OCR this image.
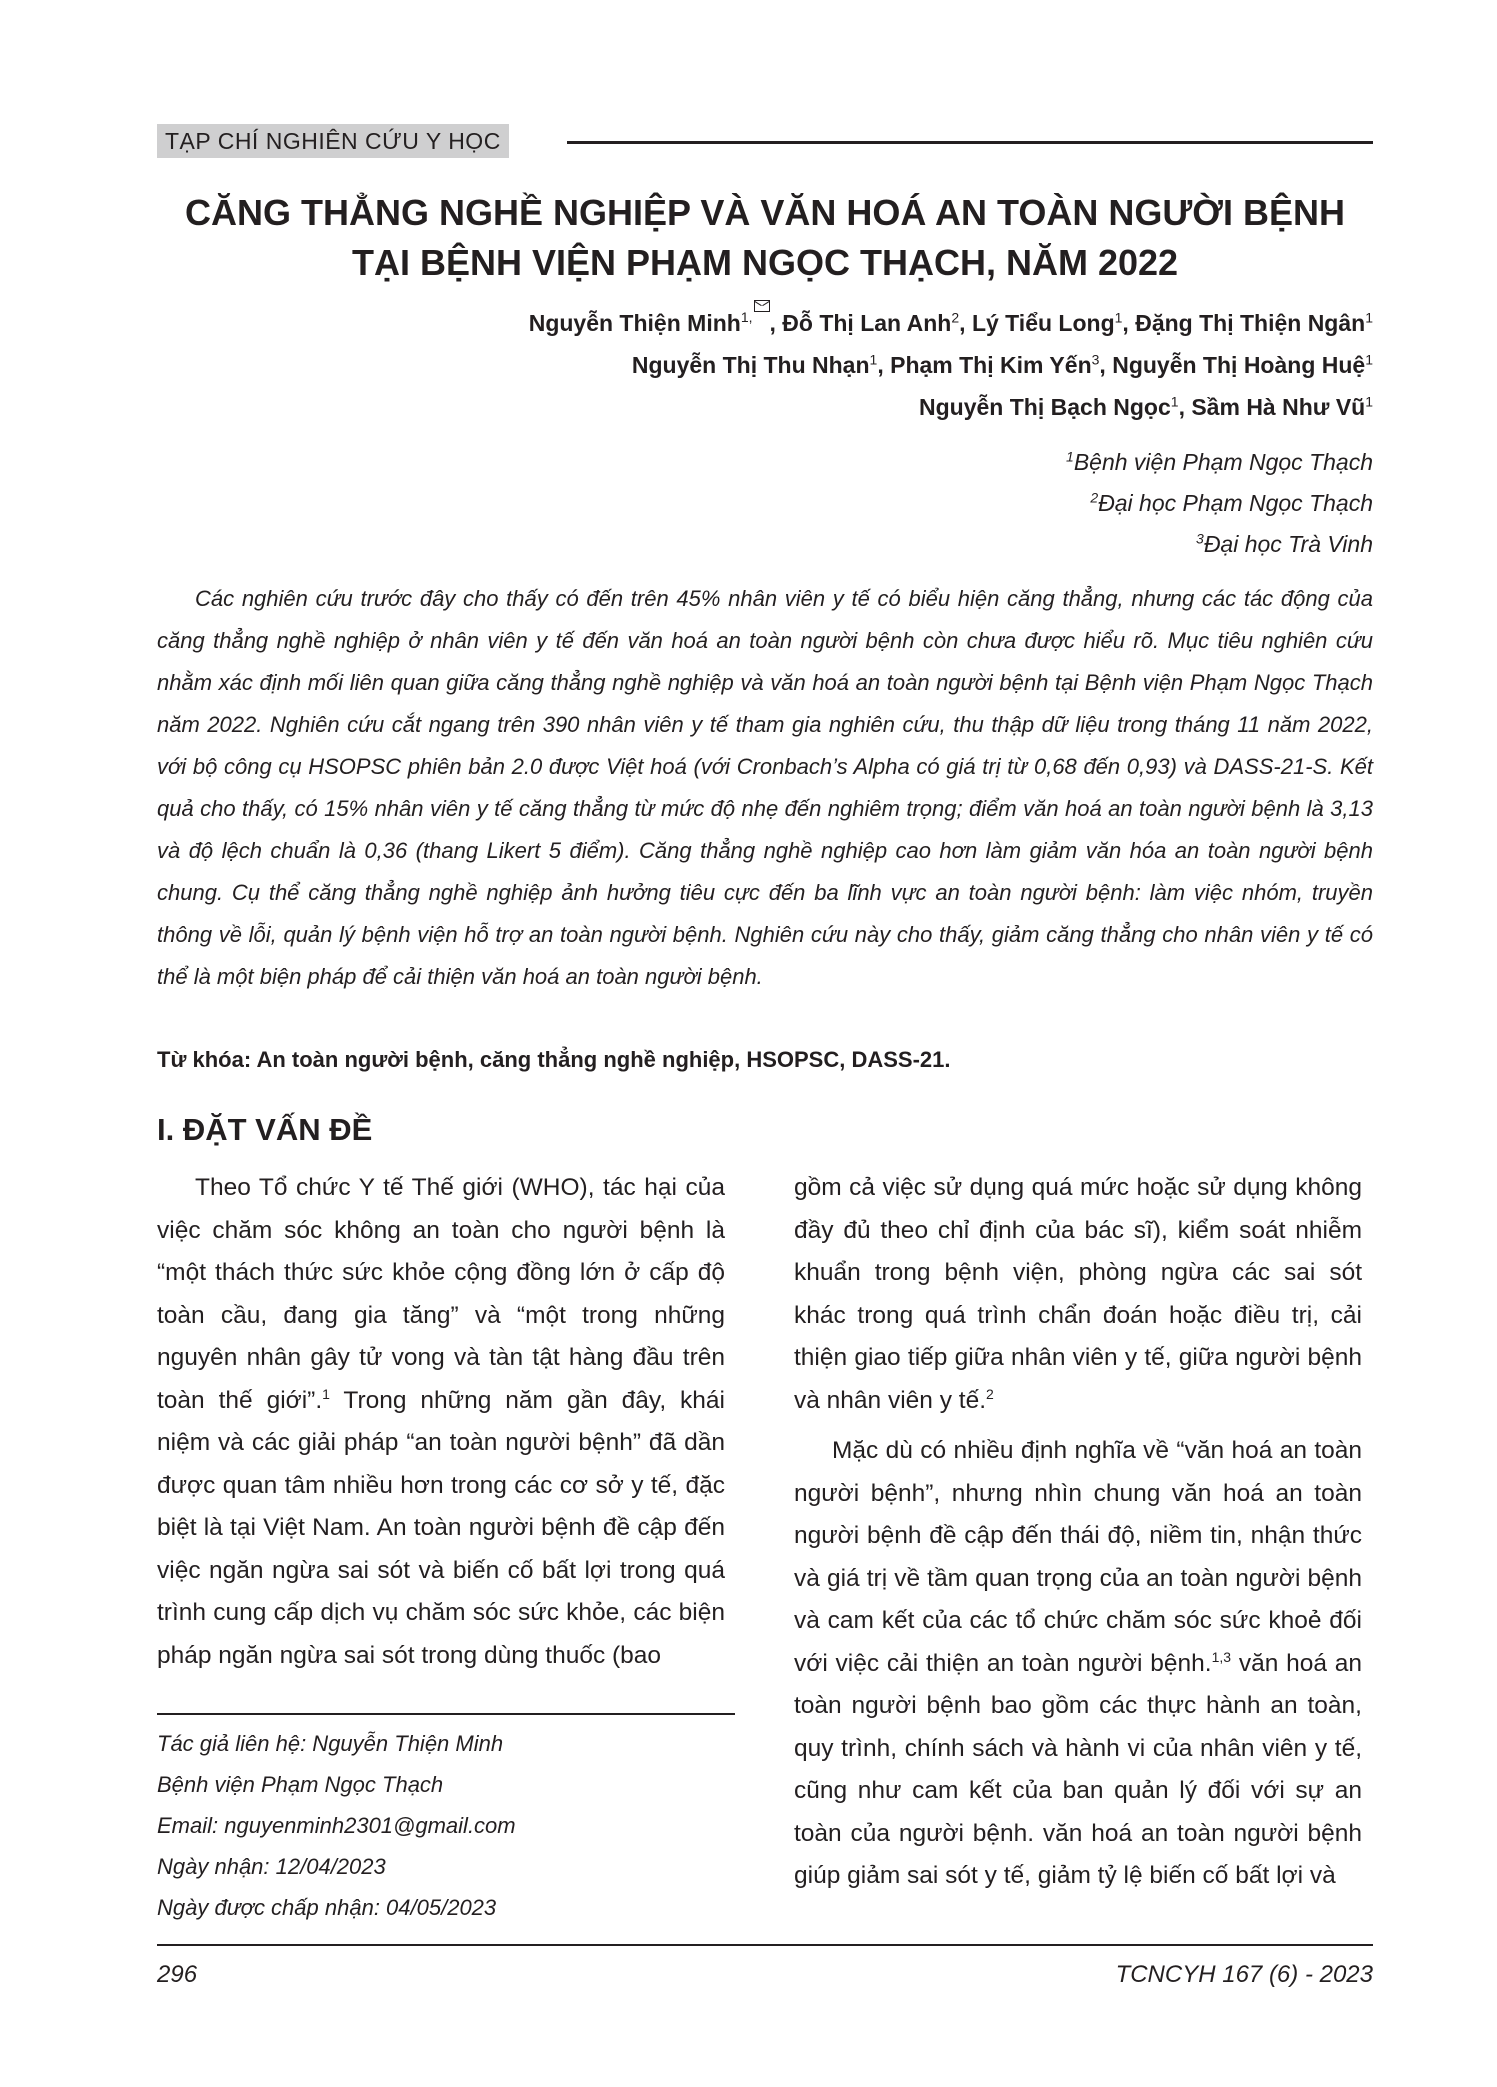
TẠP CHÍ NGHIÊN CỨU Y HỌC
CĂNG THẲNG NGHỀ NGHIỆP VÀ VĂN HOÁ AN TOÀN NGƯỜI BỆNH
TẠI BỆNH VIỆN PHẠM NGỌC THẠCH, NĂM 2022
Nguyễn Thiện Minh$^{1,}$ , Đỗ Thị Lan Anh$^2$, Lý Tiểu Long$^1$, Đặng Thị Thiện Ngân$^1$
Nguyễn Thị Thu Nhạn$^1$, Phạm Thị Kim Yến$^3$, Nguyễn Thị Hoàng Huệ$^1$
Nguyễn Thị Bạch Ngọc$^1$, Sầm Hà Như $Vũ^1$
$^1$Bệnh viện Phạm Ngọc Thạch
$^2$Đại học Phạm Ngọc Thạch
$^3$Đại học Trà Vinh
Các nghiên cứu trước đây cho thấy có đến trên 45% nhân viên y tế có biểu hiện căng thẳng, nhưng các tác động của căng thẳng nghề nghiệp ở nhân viên y tế đến văn hoá an toàn người bệnh còn chưa được hiểu rõ. Mục tiêu nghiên cứu nhằm xác định mối liên quan giữa căng thẳng nghề nghiệp và văn hoá an toàn người bệnh tại Bệnh viện Phạm Ngọc Thạch năm 2022. Nghiên cứu cắt ngang trên 390 nhân viên y tế tham gia nghiên cứu, thu thập dữ liệu trong tháng 11 năm 2022, với bộ công cụ HSOPSC phiên bản 2.0 được Việt hoá (với Cronbach’s Alpha có giá trị từ 0,68 đến 0,93) và DASS-21-S. Kết quả cho thấy, có 15% nhân viên y tế căng thẳng từ mức độ nhẹ đến nghiêm trọng; điểm văn hoá an toàn người bệnh là 3,13 và độ lệch chuẩn là 0,36 (thang Likert 5 điểm). Căng thẳng nghề nghiệp cao hơn làm giảm văn hóa an toàn người bệnh chung. Cụ thể căng thẳng nghề nghiệp ảnh hưởng tiêu cực đến ba lĩnh vực an toàn người bệnh: làm việc nhóm, truyền thông về lỗi, quản lý bệnh viện hỗ trợ an toàn người bệnh. Nghiên cứu này cho thấy, giảm căng thẳng cho nhân viên y tế có thể là một biện pháp để cải thiện văn hoá an toàn người bệnh.
Từ khóa: An toàn người bệnh, căng thẳng nghề nghiệp, HSOPSC, DASS-21.
I. ĐẶT VẤN ĐỀ

Theo Tổ chức Y tế Thế giới (WHO), tác hại của việc chăm sóc không an toàn cho người bệnh là “một thách thức sức khỏe cộng đồng lớn ở cấp độ toàn cầu, đang gia tăng” và “một trong những nguyên nhân gây tử vong và tàn tật hàng đầu trên toàn thế giới”.$^1$ Trong những năm gần đây, khái niệm và các giải pháp “an toàn người bệnh” đã dần được quan tâm nhiều hơn trong các cơ sở y tế, đặc biệt là tại Việt Nam. An toàn người bệnh đề cập đến việc ngăn ngừa sai sót và biến cố bất lợi trong quá trình cung cấp dịch vụ chăm sóc sức khỏe, các biện pháp ngăn ngừa sai sót trong dùng thuốc (bao

Tác giả liên hệ: Nguyễn Thiện Minh
Bệnh viện Phạm Ngọc Thạch
Email: nguyenminh2301@gmail.com
Ngày nhận: 12/04/2023
Ngày được chấp nhận: 04/05/2023

gồm cả việc sử dụng quá mức hoặc sử dụng không đầy đủ theo chỉ định của bác sĩ), kiểm soát nhiễm khuẩn trong bệnh viện, phòng ngừa các sai sót khác trong quá trình chẩn đoán hoặc điều trị, cải thiện giao tiếp giữa nhân viên y tế, giữa người bệnh và nhân viên y tế.$^2$

Mặc dù có nhiều định nghĩa về “văn hoá an toàn người bệnh”, nhưng nhìn chung văn hoá an toàn người bệnh đề cập đến thái độ, niềm tin, nhận thức và giá trị về tầm quan trọng của an toàn người bệnh và cam kết của các tổ chức chăm sóc sức khoẻ đối với việc cải thiện an toàn người bệnh.$^{1,3}$ văn hoá an toàn người bệnh bao gồm các thực hành an toàn, quy trình, chính sách và hành vi của nhân viên y tế, cũng như cam kết của ban quản lý đối với sự an toàn của người bệnh. văn hoá an toàn người bệnh giúp giảm sai sót y tế, giảm tỷ lệ biến cố bất lợi và

296	TCNCYH 167 (6) - 2023
